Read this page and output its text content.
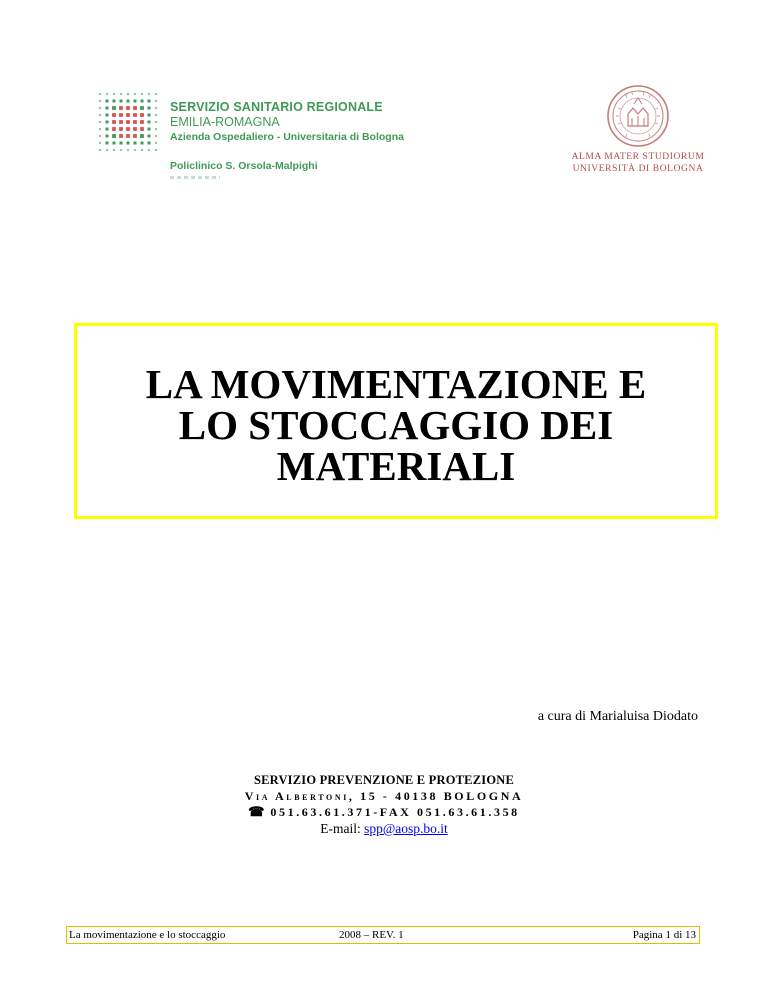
SERVIZIO SANITARIO REGIONALE
EMILIA-ROMAGNA
Azienda Ospedaliero - Universitaria di Bologna
Policlinico S. Orsola-Malpighi
ALMA MATER STUDIORUM
UNIVERSITÀ DI BOLOGNA
LA MOVIMENTAZIONE E
LO STOCCAGGIO DEI
MATERIALI
a cura di Marialuisa Diodato
SERVIZIO PREVENZIONE E PROTEZIONE
Via Albertoni, 15 - 40138 BOLOGNA
☎ 051.63.61.371-FAX 051.63.61.358
E-mail: spp@aosp.bo.it
La movimentazione e lo stoccaggio	2008 – REV. 1	Pagina 1 di 13
